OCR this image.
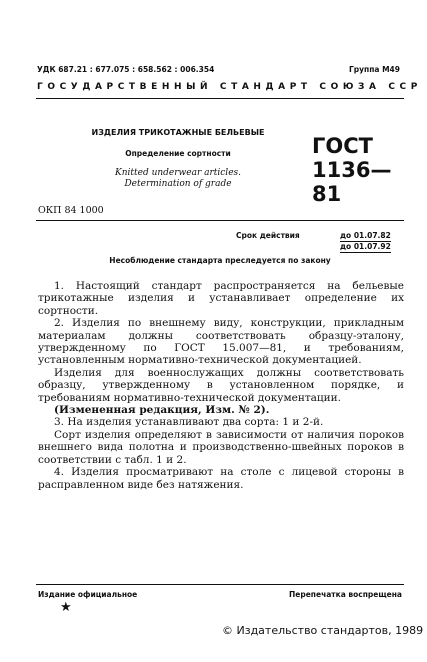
УДК 687.21 : 677.075 : 658.562 : 006.354	Группа М49
ГОСУДАРСТВЕННЫЙ СТАНДАРТ СОЮЗА ССР
ИЗДЕЛИЯ ТРИКОТАЖНЫЕ БЕЛЬЕВЫЕ
Определение сортности
Knitted underwear articles.
Determination of grade
ГОСТ
1136—81
ОКП 84 1000
Срок действия	до 01.07.82
до 01.07.92
Несоблюдение стандарта преследуется по закону

1. Настоящий стандарт распространяется на бельевые трикотажные изделия и устанавливает определение их сортности.

2. Изделия по внешнему виду, конструкции, прикладным материалам должны соответствовать образцу-эталону, утвержденному по ГОСТ 15.007—81, и требованиям, установленным нормативно-технической документацией.

Изделия для военнослужащих должны соответствовать образцу, утвержденному в установленном порядке, и требованиям нормативно-технической документации.

(Измененная редакция, Изм. № 2).

3. На изделия устанавливают два сорта: 1 и 2-й.

Сорт изделия определяют в зависимости от наличия пороков внешнего вида полотна и производственно-швейных пороков в соответствии с табл. 1 и 2.

4. Изделия просматривают на столе с лицевой стороны в расправленном виде без натяжения.

Издание официальное
★
Перепечатка воспрещена
© Издательство стандартов, 1989
